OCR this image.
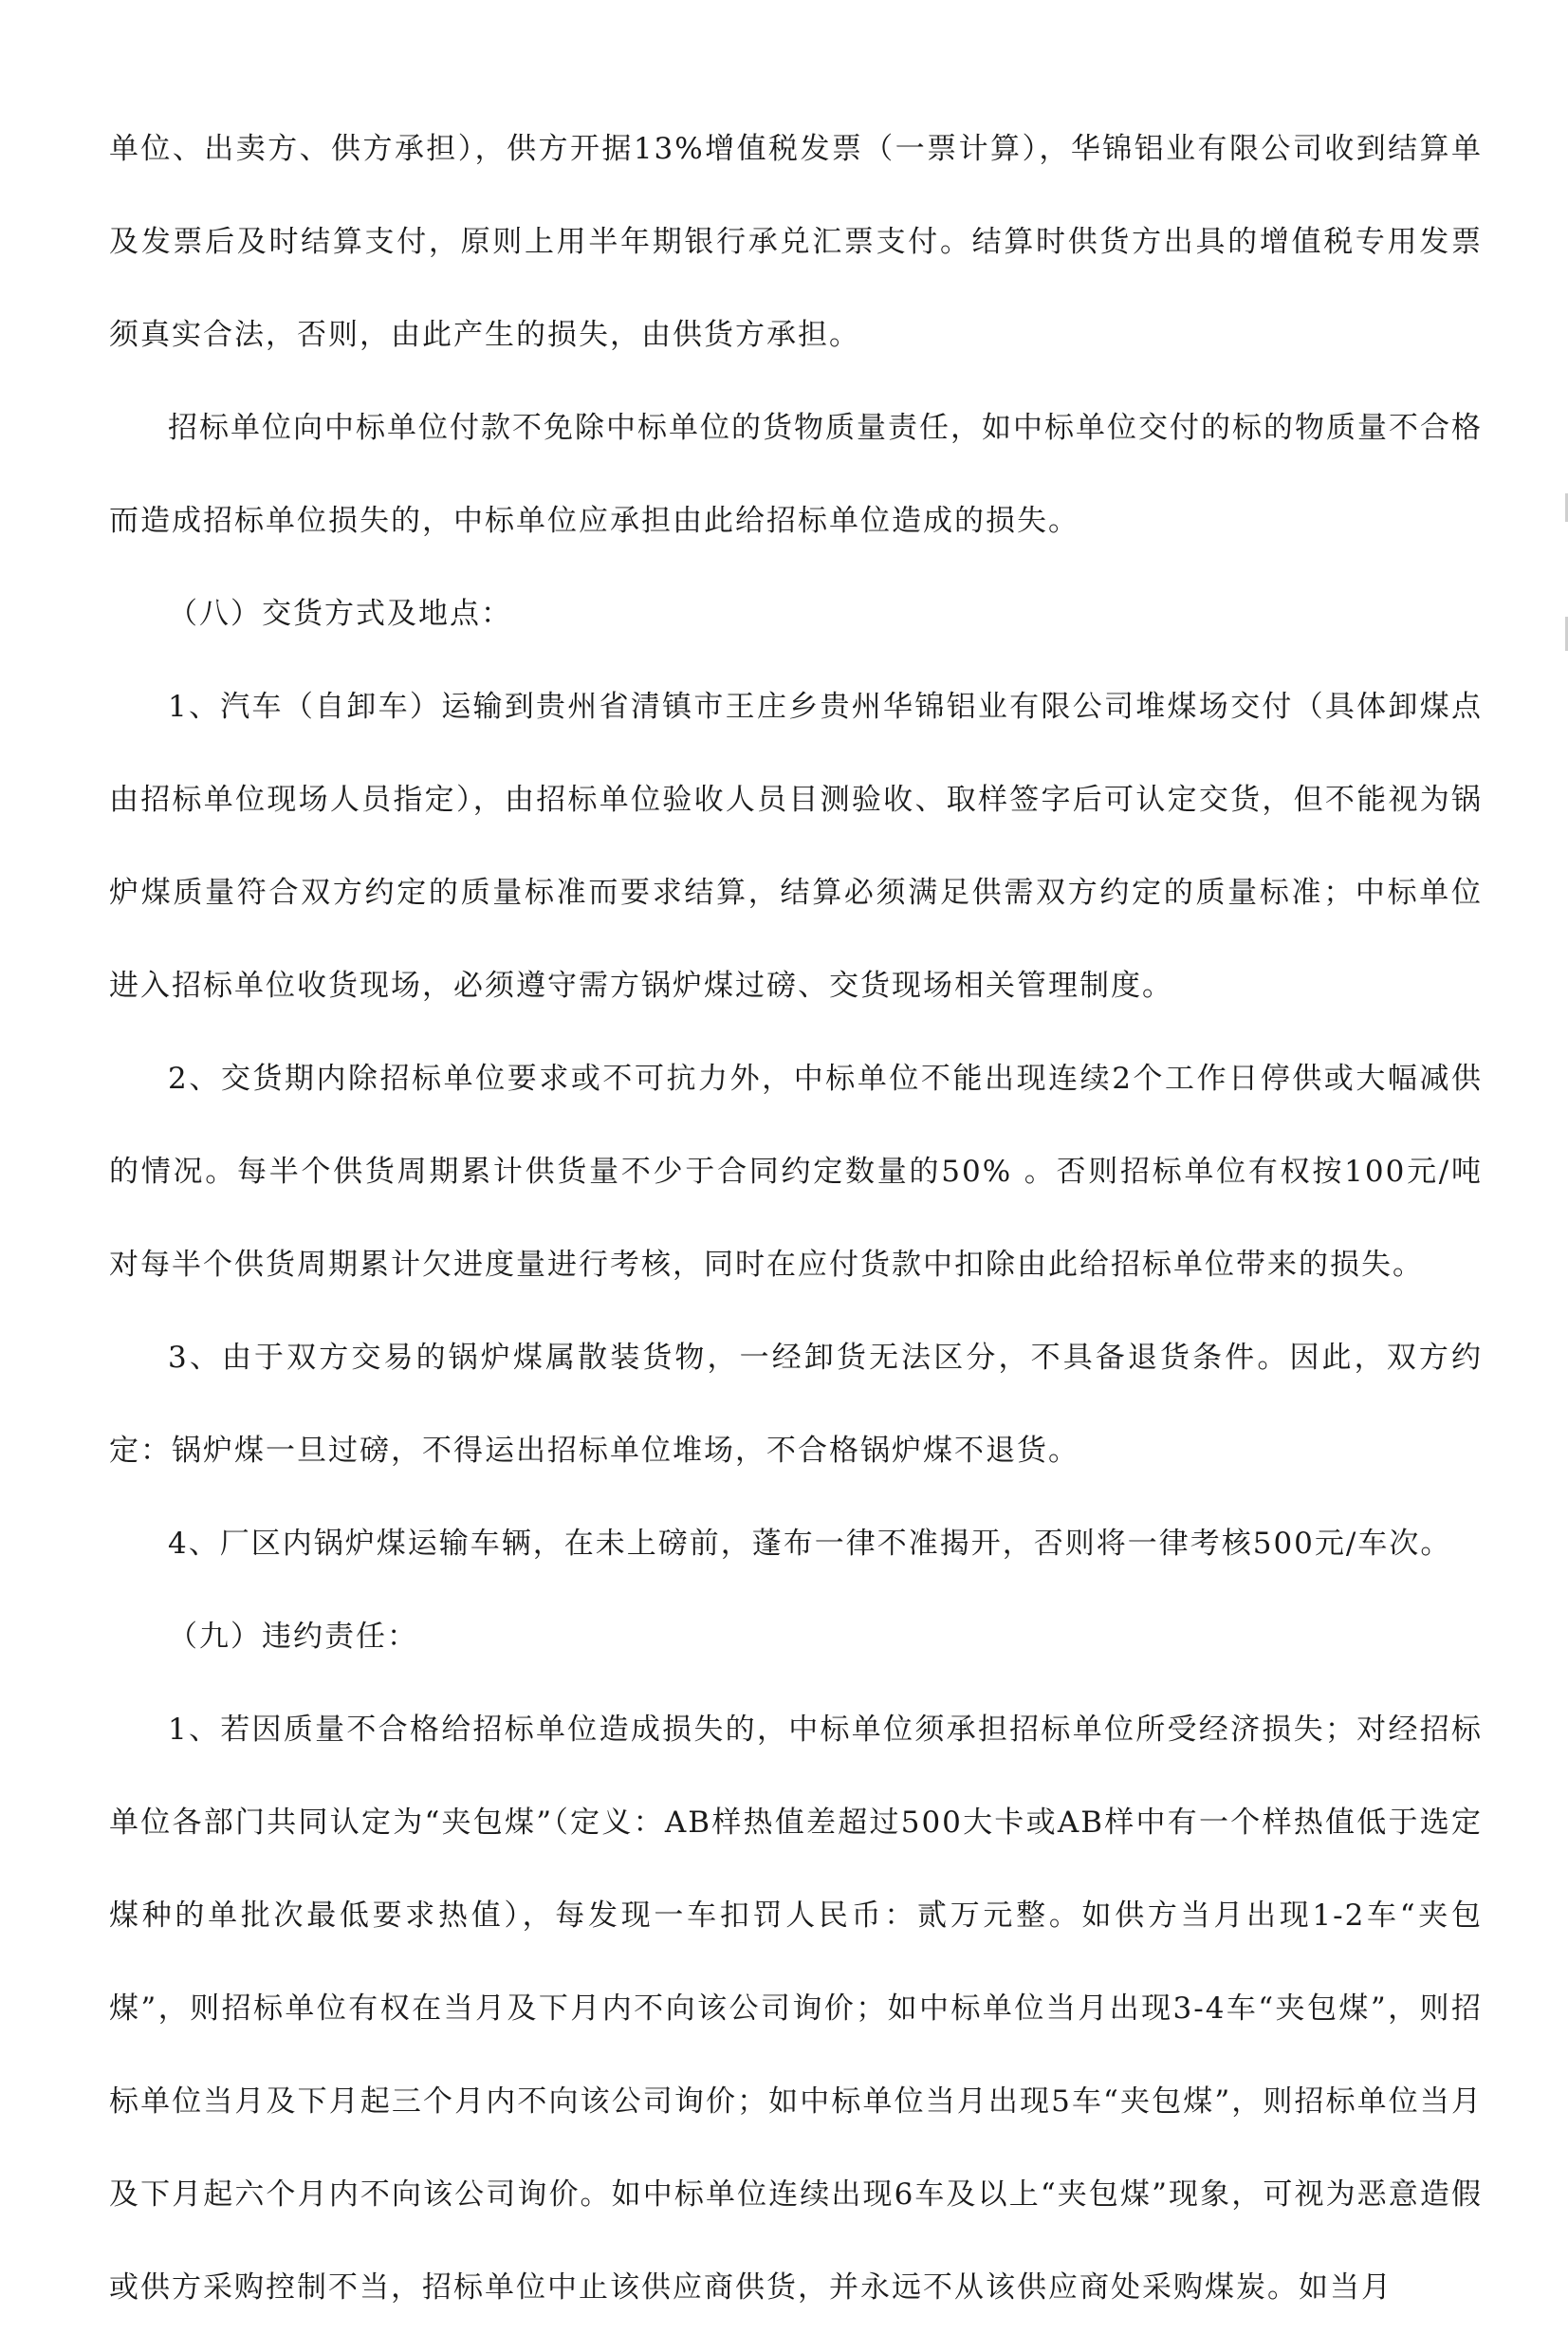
单位、出卖方、供方承担），供方开据13%增值税发票（一票计算），华锦铝业有限公司收到结算单及发票后及时结算支付，原则上用半年期银行承兑汇票支付。结算时供货方出具的增值税专用发票须真实合法，否则，由此产生的损失，由供货方承担。

招标单位向中标单位付款不免除中标单位的货物质量责任，如中标单位交付的标的物质量不合格而造成招标单位损失的，中标单位应承担由此给招标单位造成的损失。

（八）交货方式及地点：

1、汽车（自卸车）运输到贵州省清镇市王庄乡贵州华锦铝业有限公司堆煤场交付（具体卸煤点由招标单位现场人员指定），由招标单位验收人员目测验收、取样签字后可认定交货，但不能视为锅炉煤质量符合双方约定的质量标准而要求结算，结算必须满足供需双方约定的质量标准；中标单位进入招标单位收货现场，必须遵守需方锅炉煤过磅、交货现场相关管理制度。

2、交货期内除招标单位要求或不可抗力外，中标单位不能出现连续2个工作日停供或大幅减供的情况。每半个供货周期累计供货量不少于合同约定数量的50% 。否则招标单位有权按100元/吨对每半个供货周期累计欠进度量进行考核，同时在应付货款中扣除由此给招标单位带来的损失。

3、由于双方交易的锅炉煤属散装货物，一经卸货无法区分，不具备退货条件。因此，双方约定：锅炉煤一旦过磅，不得运出招标单位堆场，不合格锅炉煤不退货。

4、厂区内锅炉煤运输车辆，在未上磅前，蓬布一律不准揭开，否则将一律考核500元/车次。

（九）违约责任：

1、若因质量不合格给招标单位造成损失的，中标单位须承担招标单位所受经济损失；对经招标单位各部门共同认定为“夹包煤”（定义：AB样热值差超过500大卡或AB样中有一个样热值低于选定煤种的单批次最低要求热值），每发现一车扣罚人民币：贰万元整。如供方当月出现1-2车“夹包煤”，则招标单位有权在当月及下月内不向该公司询价；如中标单位当月出现3-4车“夹包煤”，则招标单位当月及下月起三个月内不向该公司询价；如中标单位当月出现5车“夹包煤”，则招标单位当月及下月起六个月内不向该公司询价。如中标单位连续出现6车及以上“夹包煤”现象，可视为恶意造假或供方采购控制不当，招标单位中止该供应商供货，并永远不从该供应商处采购煤炭。如当月
